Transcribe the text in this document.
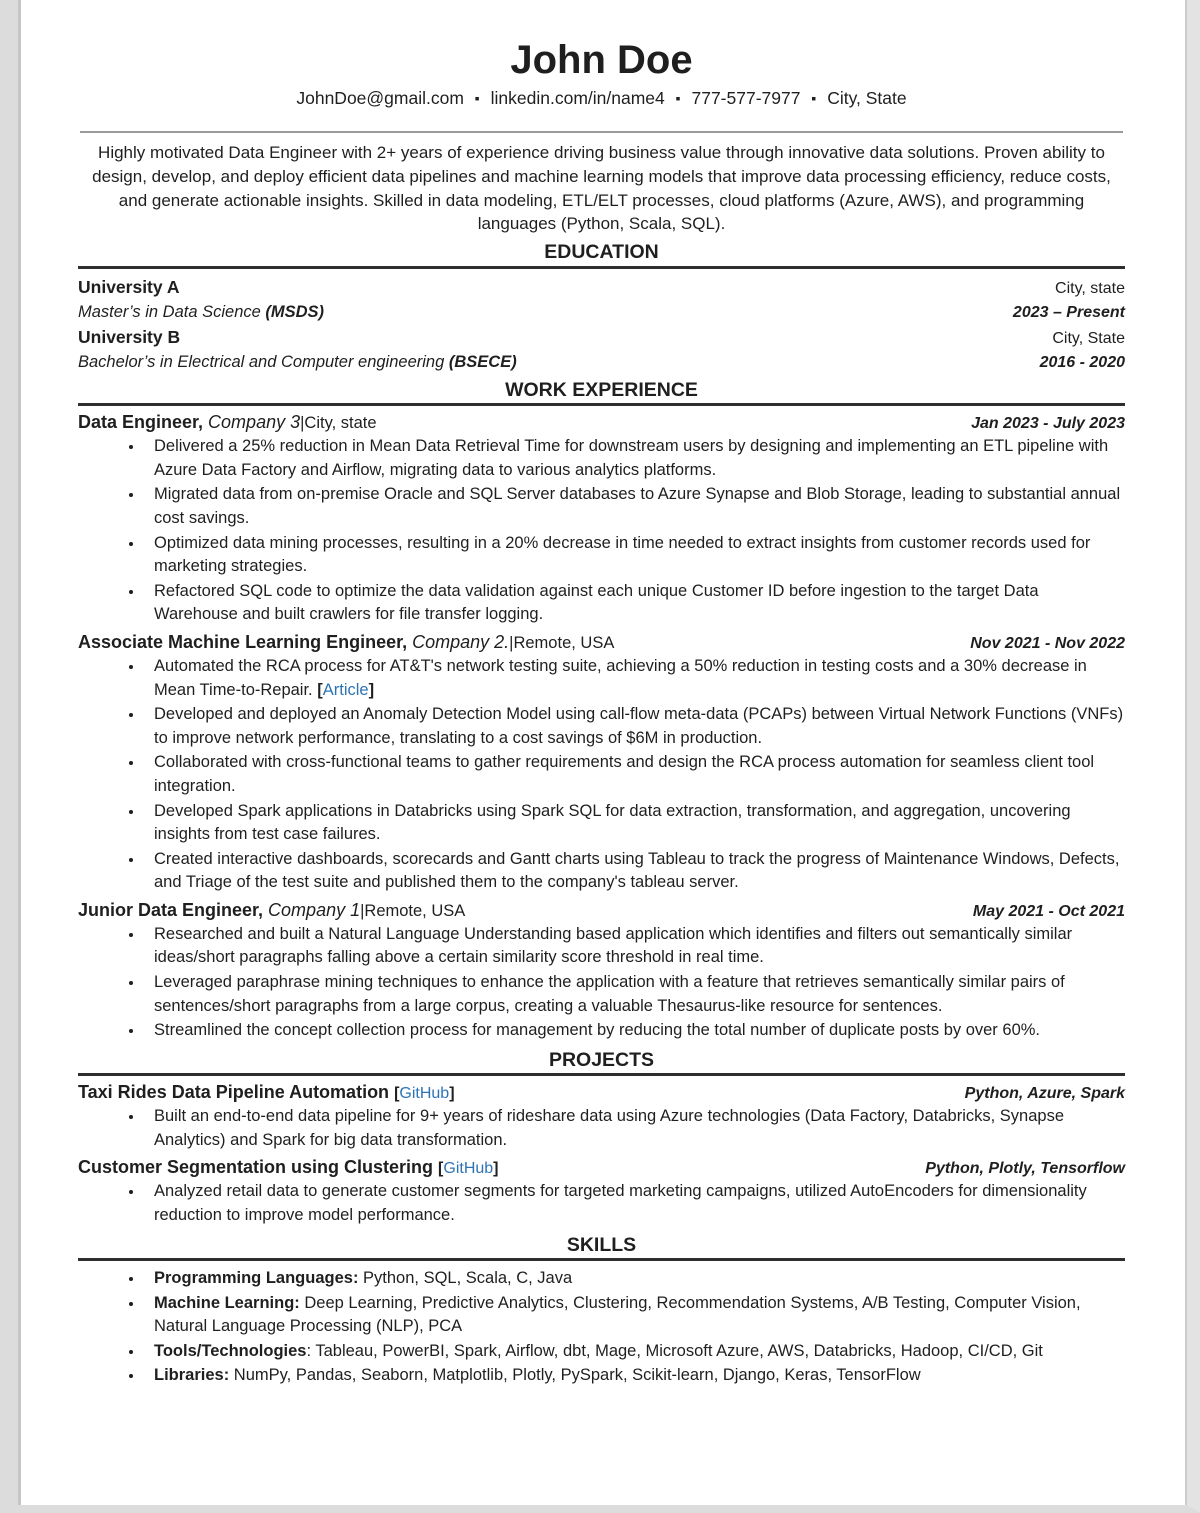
John Doe
JohnDoe@gmail.com ▪ linkedin.com/in/name4 ▪ 777-577-7977 ▪ City, State

Highly motivated Data Engineer with 2+ years of experience driving business value through innovative data solutions. Proven ability to design, develop, and deploy efficient data pipelines and machine learning models that improve data processing efficiency, reduce costs, and generate actionable insights. Skilled in data modeling, ETL/ELT processes, cloud platforms (Azure, AWS), and programming languages (Python, Scala, SQL).

EDUCATION
University A	City, state
Master’s in Data Science (MSDS)	2023 – Present
University B	City, State
Bachelor’s in Electrical and Computer engineering (BSECE)	2016 - 2020
WORK EXPERIENCE
Data Engineer, Company 3|City, state	Jan 2023 - July 2023
• Delivered a 25% reduction in Mean Data Retrieval Time for downstream users by designing and implementing an ETL pipeline with Azure Data Factory and Airflow, migrating data to various analytics platforms.
• Migrated data from on-premise Oracle and SQL Server databases to Azure Synapse and Blob Storage, leading to substantial annual cost savings.
• Optimized data mining processes, resulting in a 20% decrease in time needed to extract insights from customer records used for marketing strategies.
• Refactored SQL code to optimize the data validation against each unique Customer ID before ingestion to the target Data Warehouse and built crawlers for file transfer logging.
Associate Machine Learning Engineer, Company 2.|Remote, USA	Nov 2021 - Nov 2022
• Automated the RCA process for AT&T's network testing suite, achieving a 50% reduction in testing costs and a 30% decrease in Mean Time-to-Repair. [Article]
• Developed and deployed an Anomaly Detection Model using call-flow meta-data (PCAPs) between Virtual Network Functions (VNFs) to improve network performance, translating to a cost savings of $6M in production.
• Collaborated with cross-functional teams to gather requirements and design the RCA process automation for seamless client tool integration.
• Developed Spark applications in Databricks using Spark SQL for data extraction, transformation, and aggregation, uncovering insights from test case failures.
• Created interactive dashboards, scorecards and Gantt charts using Tableau to track the progress of Maintenance Windows, Defects, and Triage of the test suite and published them to the company's tableau server.
Junior Data Engineer, Company 1|Remote, USA	May 2021 - Oct 2021
• Researched and built a Natural Language Understanding based application which identifies and filters out semantically similar ideas/short paragraphs falling above a certain similarity score threshold in real time.
• Leveraged paraphrase mining techniques to enhance the application with a feature that retrieves semantically similar pairs of sentences/short paragraphs from a large corpus, creating a valuable Thesaurus-like resource for sentences.
• Streamlined the concept collection process for management by reducing the total number of duplicate posts by over 60%.
PROJECTS
Taxi Rides Data Pipeline Automation [GitHub]	Python, Azure, Spark
• Built an end-to-end data pipeline for 9+ years of rideshare data using Azure technologies (Data Factory, Databricks, Synapse Analytics) and Spark for big data transformation.
Customer Segmentation using Clustering [GitHub]	Python, Plotly, Tensorflow
• Analyzed retail data to generate customer segments for targeted marketing campaigns, utilized AutoEncoders for dimensionality reduction to improve model performance.
SKILLS
• Programming Languages: Python, SQL, Scala, C, Java
• Machine Learning: Deep Learning, Predictive Analytics, Clustering, Recommendation Systems, A/B Testing, Computer Vision, Natural Language Processing (NLP), PCA
• Tools/Technologies: Tableau, PowerBI, Spark, Airflow, dbt, Mage, Microsoft Azure, AWS, Databricks, Hadoop, CI/CD, Git
• Libraries: NumPy, Pandas, Seaborn, Matplotlib, Plotly, PySpark, Scikit-learn, Django, Keras, TensorFlow
